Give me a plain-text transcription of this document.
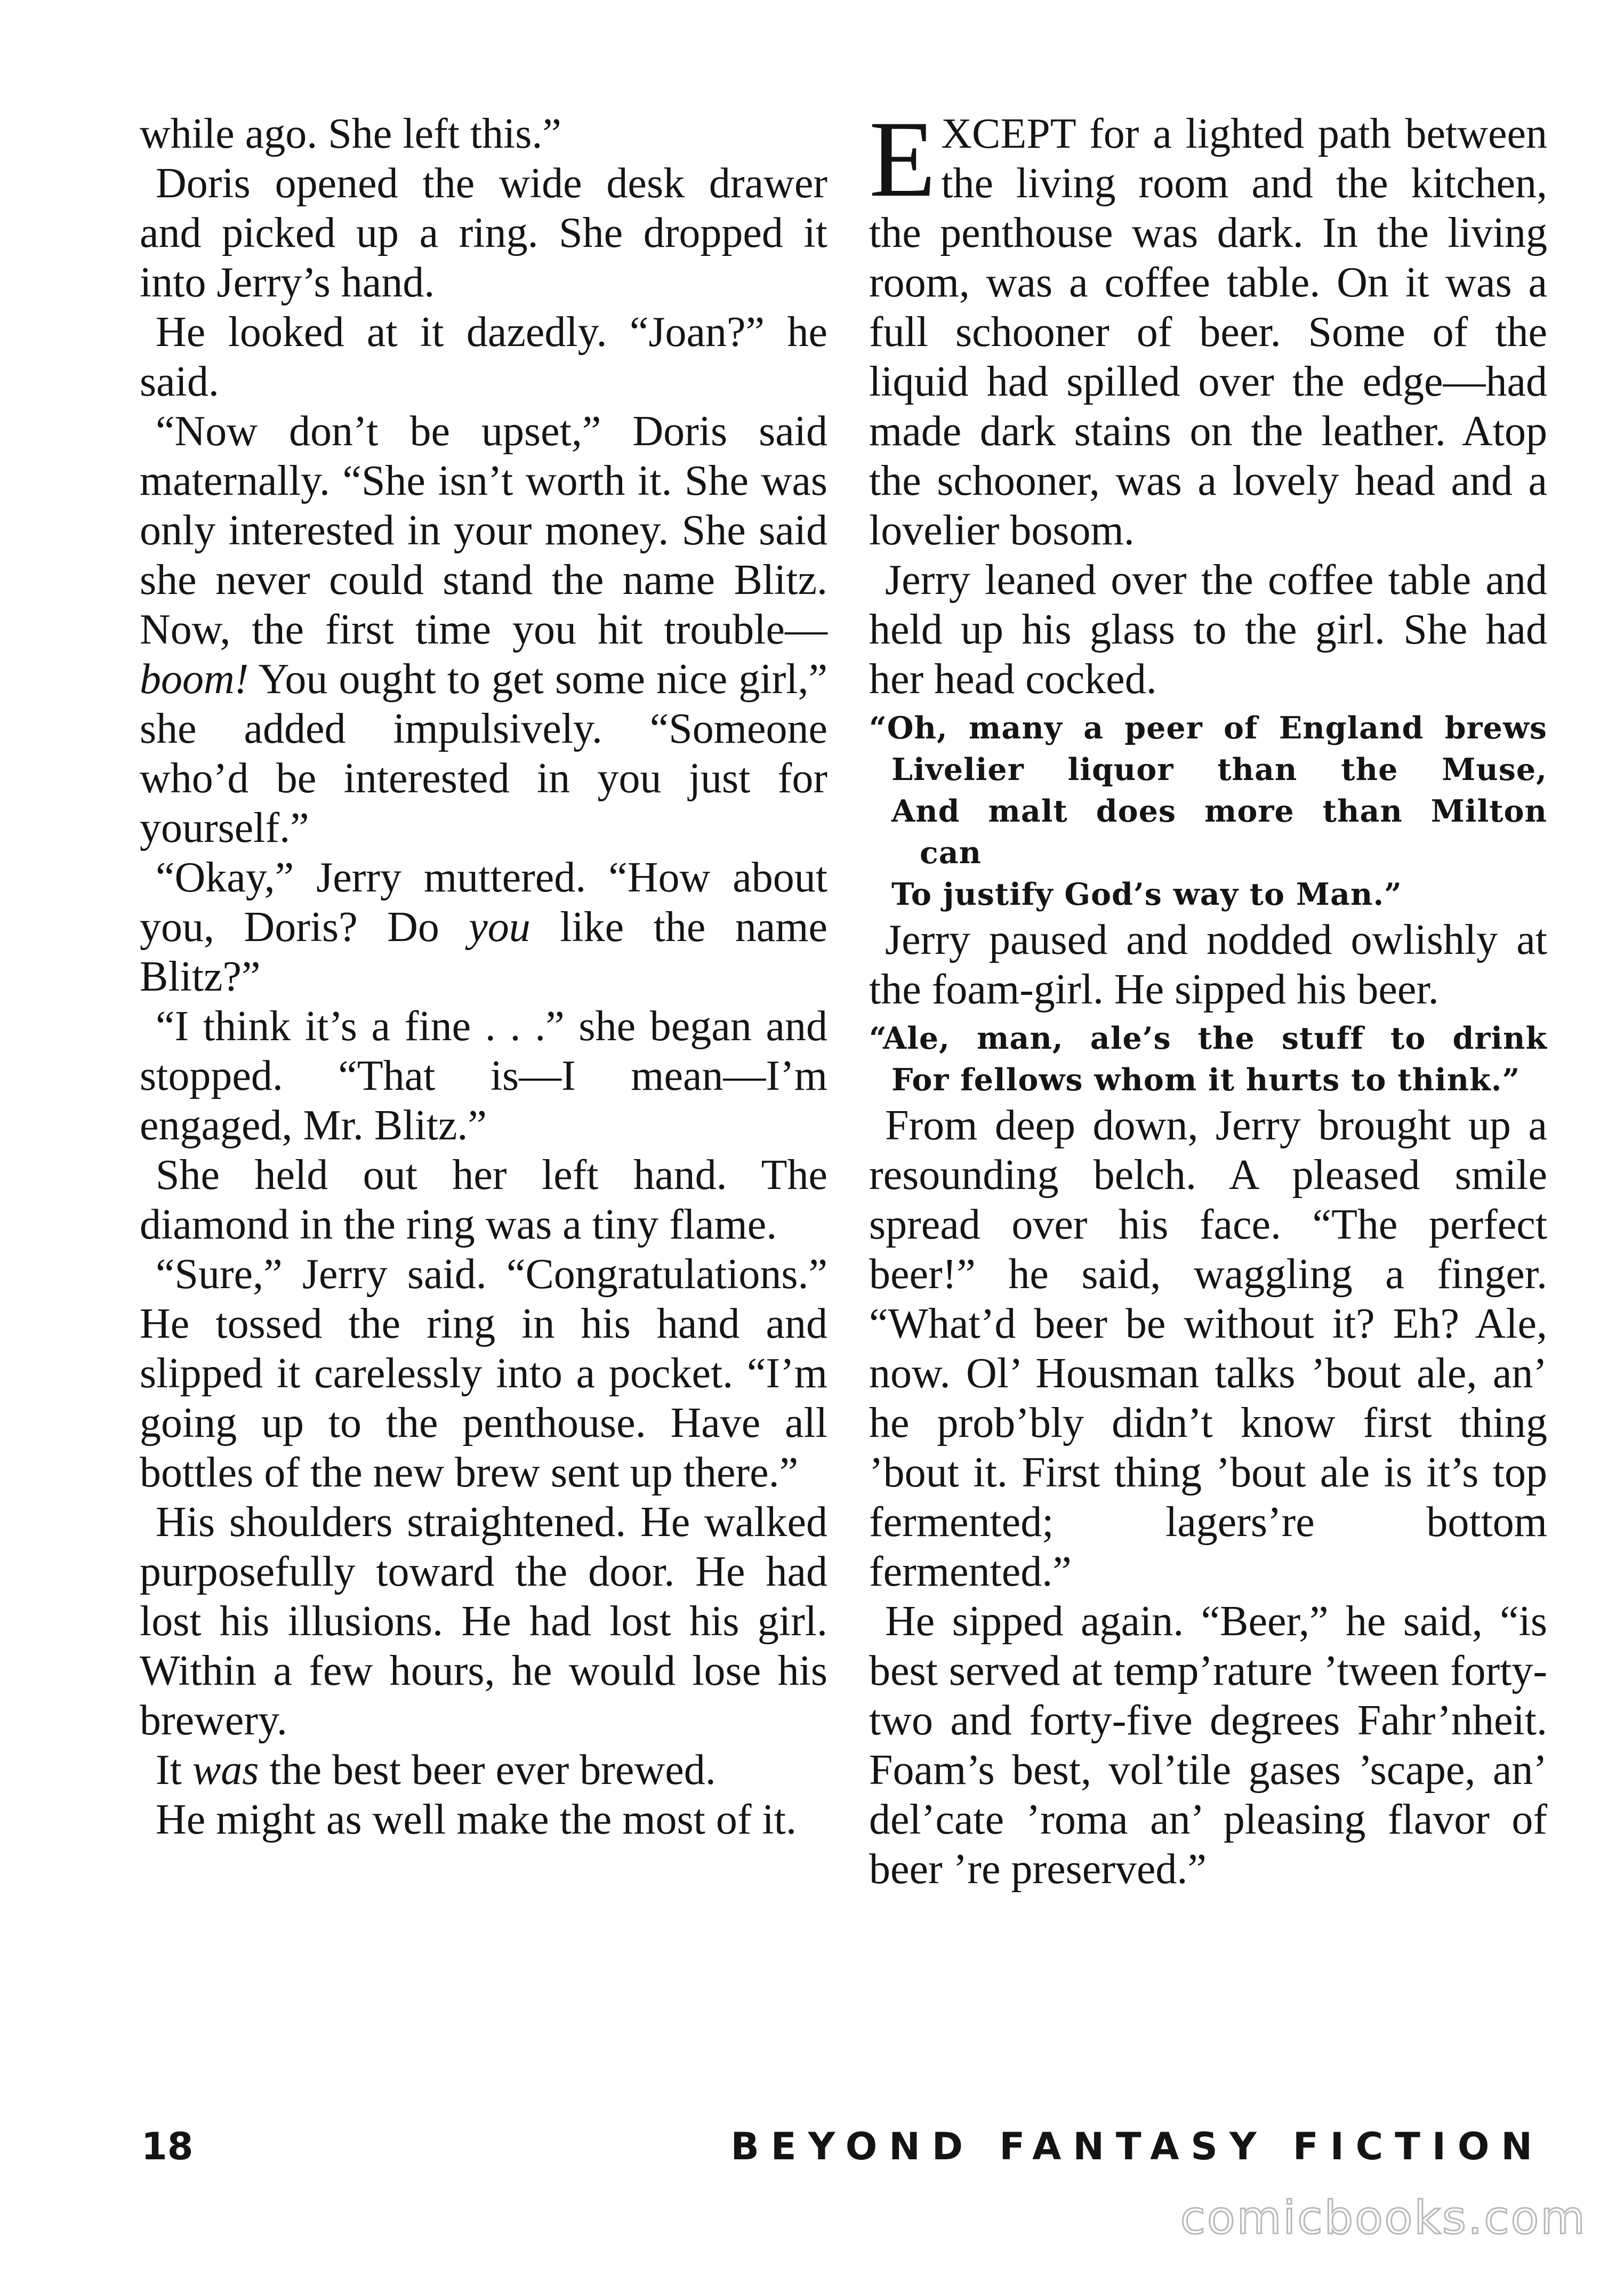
while ago. She left this.”

Doris opened the wide desk drawer and picked up a ring. She dropped it into Jerry’s hand.

He looked at it dazedly. “Joan?” he said.

“Now don’t be upset,” Doris said maternally. “She isn’t worth it. She was only interested in your money. She said she never could stand the name Blitz. Now, the first time you hit trouble—boom! You ought to get some nice girl,” she added impulsively. “Someone who’d be interested in you just for yourself.”

“Okay,” Jerry muttered. “How about you, Doris? Do you like the name Blitz?”

“I think it’s a fine . . .” she began and stopped. “That is—I mean—I’m engaged, Mr. Blitz.”

She held out her left hand. The diamond in the ring was a tiny flame.

“Sure,” Jerry said. “Congratulations.” He tossed the ring in his hand and slipped it carelessly into a pocket. “I’m going up to the penthouse. Have all bottles of the new brew sent up there.”

His shoulders straightened. He walked purposefully toward the door. He had lost his illusions. He had lost his girl. Within a few hours, he would lose his brewery.

It was the best beer ever brewed.

He might as well make the most of it.

EXCEPT for a lighted path between the living room and the kitchen, the penthouse was dark. In the living room, was a coffee table. On it was a full schooner of beer. Some of the liquid had spilled over the edge—had made dark stains on the leather. Atop the schooner, was a lovely head and a lovelier bosom.

Jerry leaned over the coffee table and held up his glass to the girl. She had her head cocked.

“Oh, many a peer of England brews
Livelier liquor than the Muse,
And malt does more than Milton
can
To justify God’s way to Man.”

Jerry paused and nodded owlishly at the foam-girl. He sipped his beer.

“Ale, man, ale’s the stuff to drink
For fellows whom it hurts to think.”

From deep down, Jerry brought up a resounding belch. A pleased smile spread over his face. “The perfect beer!” he said, waggling a finger. “What’d beer be without it? Eh? Ale, now. Ol’ Housman talks ’bout ale, an’ he prob’bly didn’t know first thing ’bout it. First thing ’bout ale is it’s top fermented; lagers’re bottom fermented.”

He sipped again. “Beer,” he said, “is best served at temp’rature ’tween forty-two and forty-five degrees Fahr’nheit. Foam’s best, vol’tile gases ’scape, an’ del’cate ’roma an’ pleasing flavor of beer ’re preserved.”

18	BEYOND FANTASY FICTION
comicbooks.com
